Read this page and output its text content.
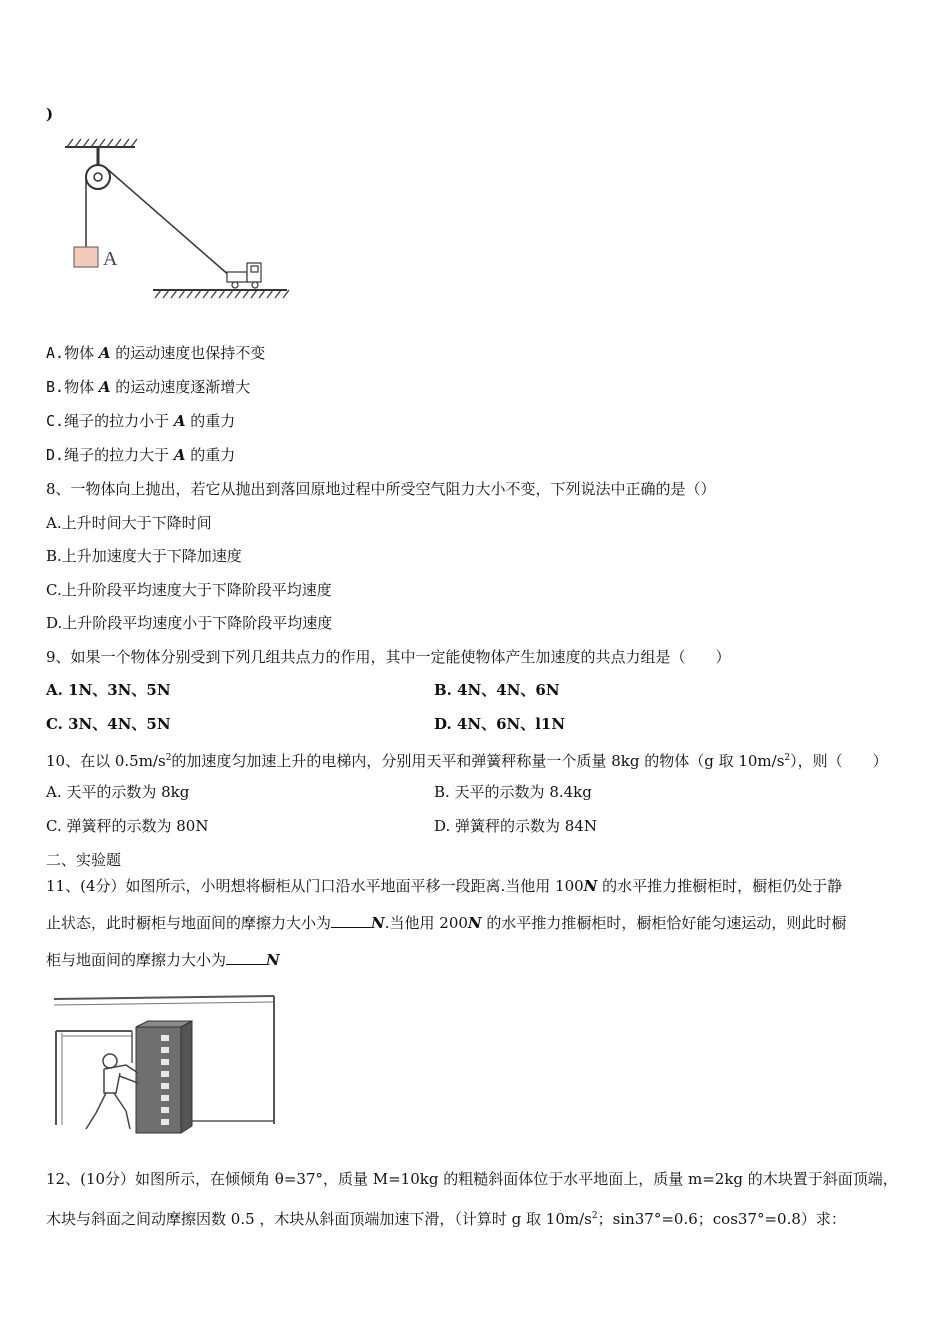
)
A
A.物体 A 的运动速度也保持不变
B.物体 A 的运动速度逐渐增大
C.绳子的拉力小于 A 的重力
D.绳子的拉力大于 A 的重力
8、一物体向上抛出，若它从抛出到落回原地过程中所受空气阻力大小不变，下列说法中正确的是（）
A.上升时间大于下降时间
B.上升加速度大于下降加速度
C.上升阶段平均速度大于下降阶段平均速度
D.上升阶段平均速度小于下降阶段平均速度
9、如果一个物体分别受到下列几组共点力的作用，其中一定能使物体产生加速度的共点力组是（　　）
A. 1N、3N、5N	B. 4N、4N、6N
C. 3N、4N、5N	D. 4N、6N、l1N
10、在以 $0.5m/s^2$的加速度匀加速上升的电梯内，分别用天平和弹簧秤称量一个质量 8kg 的物体（g 取 $10m/s^2$），则（　　）
A. 天平的示数为 8kg	B. 天平的示数为 8.4kg
C. 弹簧秤的示数为 80N	D. 弹簧秤的示数为 84N
二、实验题
11、(4分）如图所示，小明想将橱柜从门口沿水平地面平移一段距离.当他用 100N 的水平推力推橱柜时，橱柜仍处于静
止状态，此时橱柜与地面间的摩擦力大小为	N.当他用 200N 的水平推力推橱柜时，橱柜恰好能匀速运动，则此时橱
柜与地面间的摩擦力大小为	N
12、(10分）如图所示，在倾倾角 θ=37°，质量 M=10kg 的粗糙斜面体位于水平地面上，质量 m=2kg 的木块置于斜面顶端，
木块与斜面之间动摩擦因数 0.5 ，木块从斜面顶端加速下滑，（计算时 g 取 $10m/s^2$；sin37°=0.6；cos37°=0.8）求：
